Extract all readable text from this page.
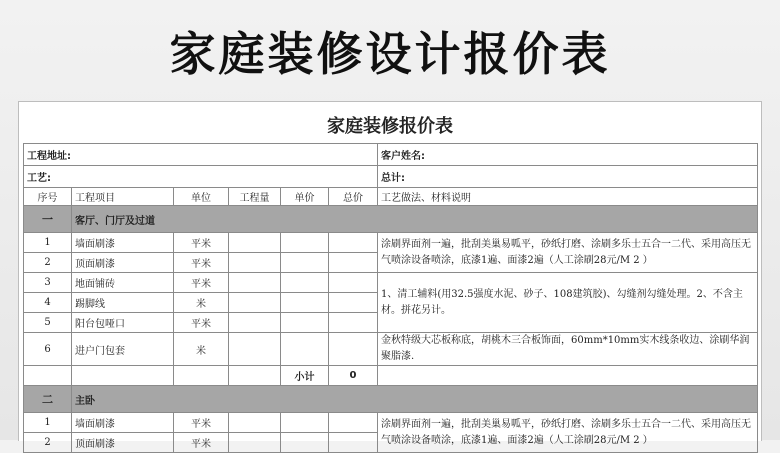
家庭装修设计报价表
家庭装修报价表
工程地址:						客户姓名:
工艺:						总计:
序号	工程项目	单位	工程量	单价	总价	工艺做法、材料说明
一	客厅、门厅及过道					
1	墙面刷漆	平米				涂刷界面剂一遍，批刮美巢易呱平，砂纸打磨、涂刷多乐士五合一二代、采用高压无气喷涂设备喷涂，底漆1遍、面漆2遍（人工涂刷28元/M 2 ）
2	顶面刷漆	平米				
3	地面铺砖	平米				1、清工辅料(用32.5强度水泥、砂子、108建筑胶)、勾缝剂勾缝处理。2、不含主材。拼花另计。
4	踢脚线	米				
5	阳台包哑口	平米				
6	进户门包套	米				金秋特级大芯板称底，胡桃木三合板饰面，60mm*10mm实木线条收边、涂刷华润聚脂漆.
				小计	0	
二	主卧					
1	墙面刷漆	平米				涂刷界面剂一遍，批刮美巢易呱平，砂纸打磨、涂刷多乐士五合一二代、采用高压无气喷涂设备喷涂，底漆1遍、面漆2遍（人工涂刷28元/M 2 ）
2	顶面刷漆	平米				
